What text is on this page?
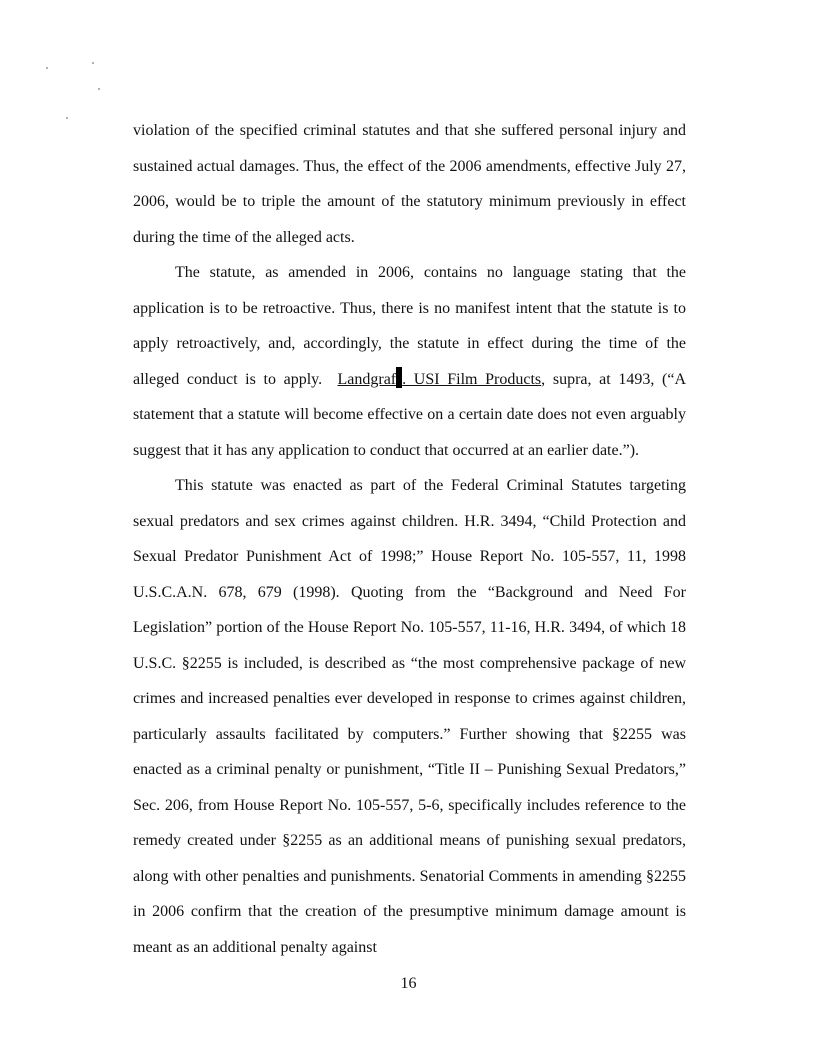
violation of the specified criminal statutes and that she suffered personal injury and sustained actual damages. Thus, the effect of the 2006 amendments, effective July 27, 2006, would be to triple the amount of the statutory minimum previously in effect during the time of the alleged acts.

The statute, as amended in 2006, contains no language stating that the application is to be retroactive. Thus, there is no manifest intent that the statute is to apply retroactively, and, accordingly, the statute in effect during the time of the alleged conduct is to apply. Landgraf . USI Film Products, supra, at 1493, (“A statement that a statute will become effective on a certain date does not even arguably suggest that it has any application to conduct that occurred at an earlier date.”).

This statute was enacted as part of the Federal Criminal Statutes targeting sexual predators and sex crimes against children. H.R. 3494, “Child Protection and Sexual Predator Punishment Act of 1998;” House Report No. 105-557, 11, 1998 U.S.C.A.N. 678, 679 (1998). Quoting from the “Background and Need For Legislation” portion of the House Report No. 105-557, 11-16, H.R. 3494, of which 18 U.S.C. §2255 is included, is described as “the most comprehensive package of new crimes and increased penalties ever developed in response to crimes against children, particularly assaults facilitated by computers.” Further showing that §2255 was enacted as a criminal penalty or punishment, “Title II – Punishing Sexual Predators,” Sec. 206, from House Report No. 105-557, 5-6, specifically includes reference to the remedy created under §2255 as an additional means of punishing sexual predators, along with other penalties and punishments. Senatorial Comments in amending §2255 in 2006 confirm that the creation of the presumptive minimum damage amount is meant as an additional penalty against

16
